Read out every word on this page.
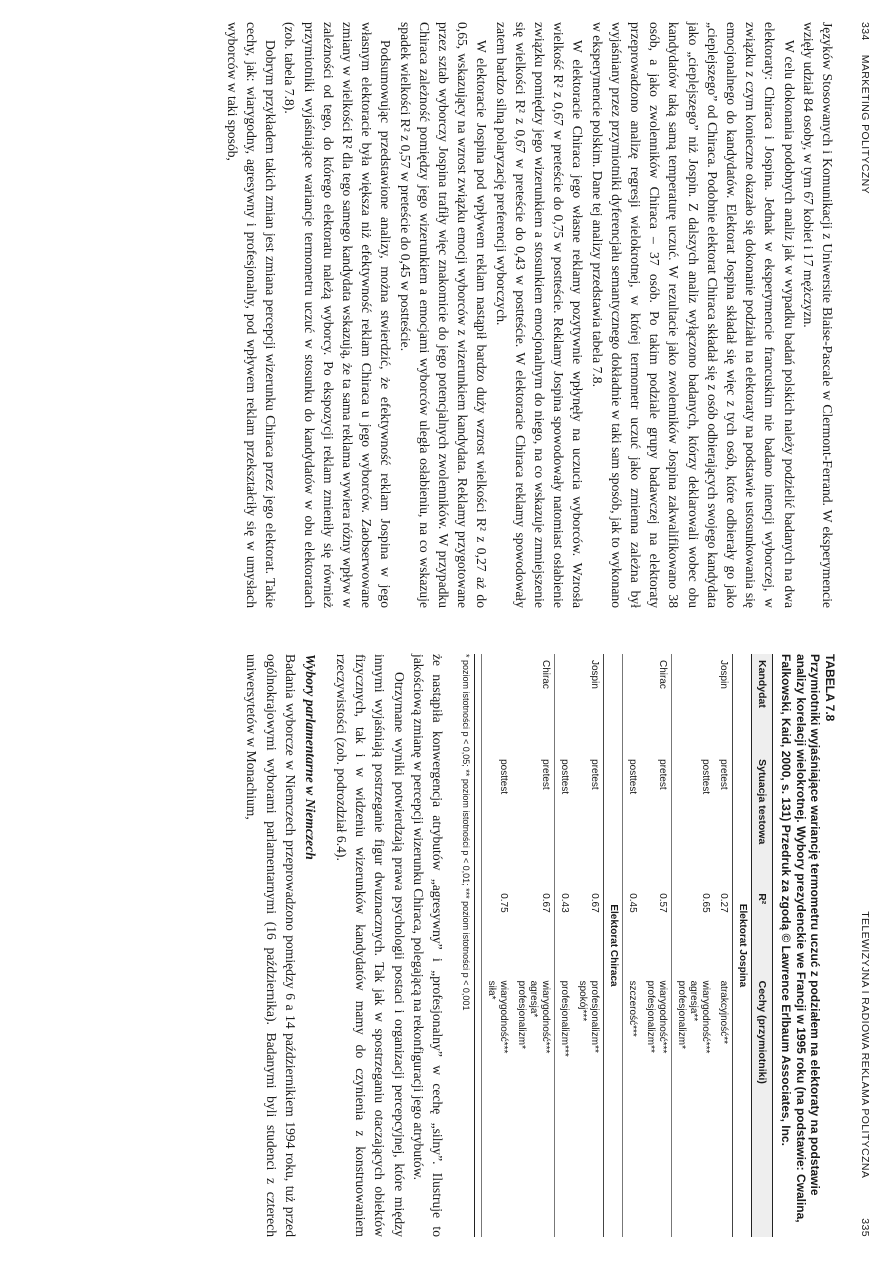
334
MARKETING POLITYCZNY

Języków Stosowanych i Komunikacji z Uniwersite Blaise-Pascale w Clermont-Ferrand. W eksperymencie wzięły udział 84 osoby, w tym 67 kobiet i 17 mężczyzn.

W celu dokonania podobnych analiz jak w wypadku badań polskich należy podzielić badanych na dwa elektoraty: Chiraca i Jospina. Jednak w eksperymencie francuskim nie badano intencji wyborczej, w związku z czym konieczne okazało się dokonanie podziału na elektoraty na podstawie ustosunkowania się emocjonalnego do kandydatów. Elektorat Jospina składał się więc z tych osób, które odbierały go jako „cieplejszego” od Chiraca. Podobnie elektorat Chiraca składał się z osób odbierających swojego kandydata jako „cieplejszego” niż Jospin. Z dalszych analiz wyłączono badanych, którzy deklarowali wobec obu kandydatów taką samą temperaturę uczuć. W rezultacie jako zwolenników Jospina zakwalifikowano 38 osób, a jako zwolenników Chiraca – 37 osób. Po takim podziale grupy badawczej na elektoraty przeprowadzono analizę regresji wielokrotnej, w której termometr uczuć jako zmienna zależna był wyjaśniany przez przymiotniki dyferencjału semantycznego dokładnie w taki sam sposób, jak to wykonano w eksperymencie polskim. Dane tej analizy przedstawia tabela 7.8.

W elektoracie Chiraca jego własne reklamy pozytywnie wpłynęły na uczucia wyborców. Wzrosła wielkość R² z 0,67 w preteście do 0,75 w postteście. Reklamy Jospina spowodowały natomiast osłabienie związku pomiędzy jego wizerunkiem a stosunkiem emocjonalnym do niego, na co wskazuje zmniejszenie się wielkości R² z 0,67 w preteście do 0,43 w postteście. W elektoracie Chiraca reklamy spowodowały zatem bardzo silną polaryzację preferencji wyborczych.

W elektoracie Jospina pod wpływem reklam nastąpił bardzo duży wzrost wielkości R² z 0,27 aż do 0,65, wskazujący na wzrost związku emocji wyborców z wizerunkiem kandydata. Reklamy przygotowane przez sztab wyborczy Jospina trafiły więc znakomicie do jego potencjalnych zwolenników. W przypadku Chiraca zależność pomiędzy jego wizerunkiem a emocjami wyborców uległa osłabieniu, na co wskazuje spadek wielkości R² z 0,57 w preteście do 0,45 w postteście.

Podsumowując przedstawione analizy, można stwierdzić, że efektywność reklam Jospina w jego własnym elektoracie była większa niż efektywność reklam Chiraca u jego wyborców. Zaobserwowane zmiany w wielkości R² dla tego samego kandydata wskazują, że ta sama reklama wywiera różny wpływ w zależności od tego, do którego elektoratu należą wyborcy. Po ekspozycji reklam zmieniły się również przymiotniki wyjaśniające wariancje termometru uczuć w stosunku do kandydatów w obu elektoratach (zob. tabela 7.8).

Dobrym przykładem takich zmian jest zmiana percepcji wizerunku Chiraca przez jego elektorat. Takie cechy, jak: wiarygodny, agresywny i profesjonalny, pod wpływem reklam przekształciły się w umysłach wyborców w taki sposób,

TELEWIZYJNA I RADIOWA REKLAMA POLITYCZNA
335
TABELA 7.8
Przymiotniki wyjaśniające wariancję termometru uczuć z podziałem na elektoraty na podstawie analizy korelacji wielokrotnej. Wybory prezydenckie we Francji w 1995 roku (na podstawie: Cwalina, Falkowski, Kaid, 2000, s. 131) Przedruk za zgodą © Lawrence Erlbaum Associates, Inc.
Kandydat	Sytuacja testowa	R²	Cechy (przymiotniki)
Elektorat Jospina			
Jospin	pretest	0.27	atrakcyjność**

	posttest	0.65	wiarygodność***
agresja**
profesjonalizm*

Chirac	pretest	0.57	wiarygodność***
profesjonalizm**

	posttest	0.45	szczerość***

Elektorat Chiraca			
Jospin	pretest	0.67	profesjonalizm**
spokój***

	posttest	0.43	profesjonalizm***

Chirac	pretest	0.67	wiarygodność***
agresja*
profesjonalizm*

	posttest	0.75	wiarygodność***
siła*
* poziom istotności p < 0,05; ** poziom istotności p < 0,01; *** poziom istotności p < 0,001

że nastąpiła konwergencja atrybutów „agresywny” i „profesjonalny” w cechę „silny”. Ilustruje to jakościową zmianę w percepcji wizerunku Chiraca, polegającą na rekonfiguracji jego atrybutów.

Otrzymane wyniki potwierdzają prawa psychologii postaci i organizacji percepcyjnej, które między innymi wyjaśniają postrzeganie figur dwuznacznych. Tak jak w spostrzeganiu otaczających obiektów fizycznych, tak i w widzeniu wizerunków kandydatów mamy do czynienia z konstruowaniem rzeczywistości (zob. podrozdział 6.4).

Wybory parlamentarne w Niemczech

Badania wyborcze w Niemczech przeprowadzono pomiędzy 6 a 14 październikiem 1994 roku, tuż przed ogólnokrajowymi wyborami parlamentarnymi (16 października). Badanymi byli studenci z czterech uniwersytetów w Monachium,
